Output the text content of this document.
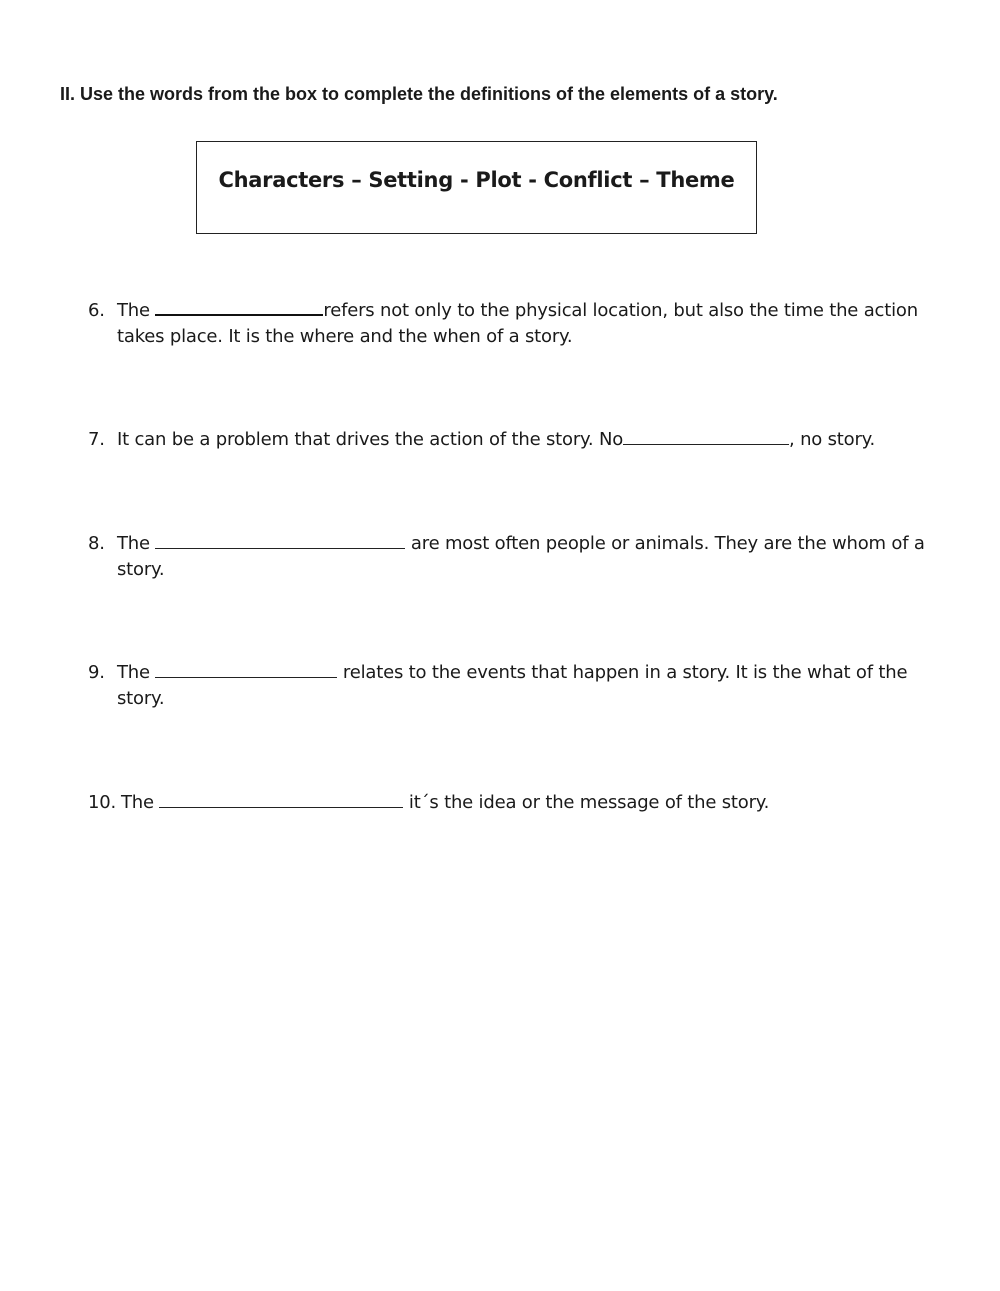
II. Use the words from the box to complete the definitions of the elements of a story.
Characters – Setting - Plot - Conflict – Theme
6. The	refers not only to the physical location, but also the time the action takes place. It is the where and the when of a story.
7. It can be a problem that drives the action of the story. No	, no story.
8. The	are most often people or animals. They are the whom of a story.
9. The	relates to the events that happen in a story. It is the what of the story.
10. The	it´s the idea or the message of the story.
